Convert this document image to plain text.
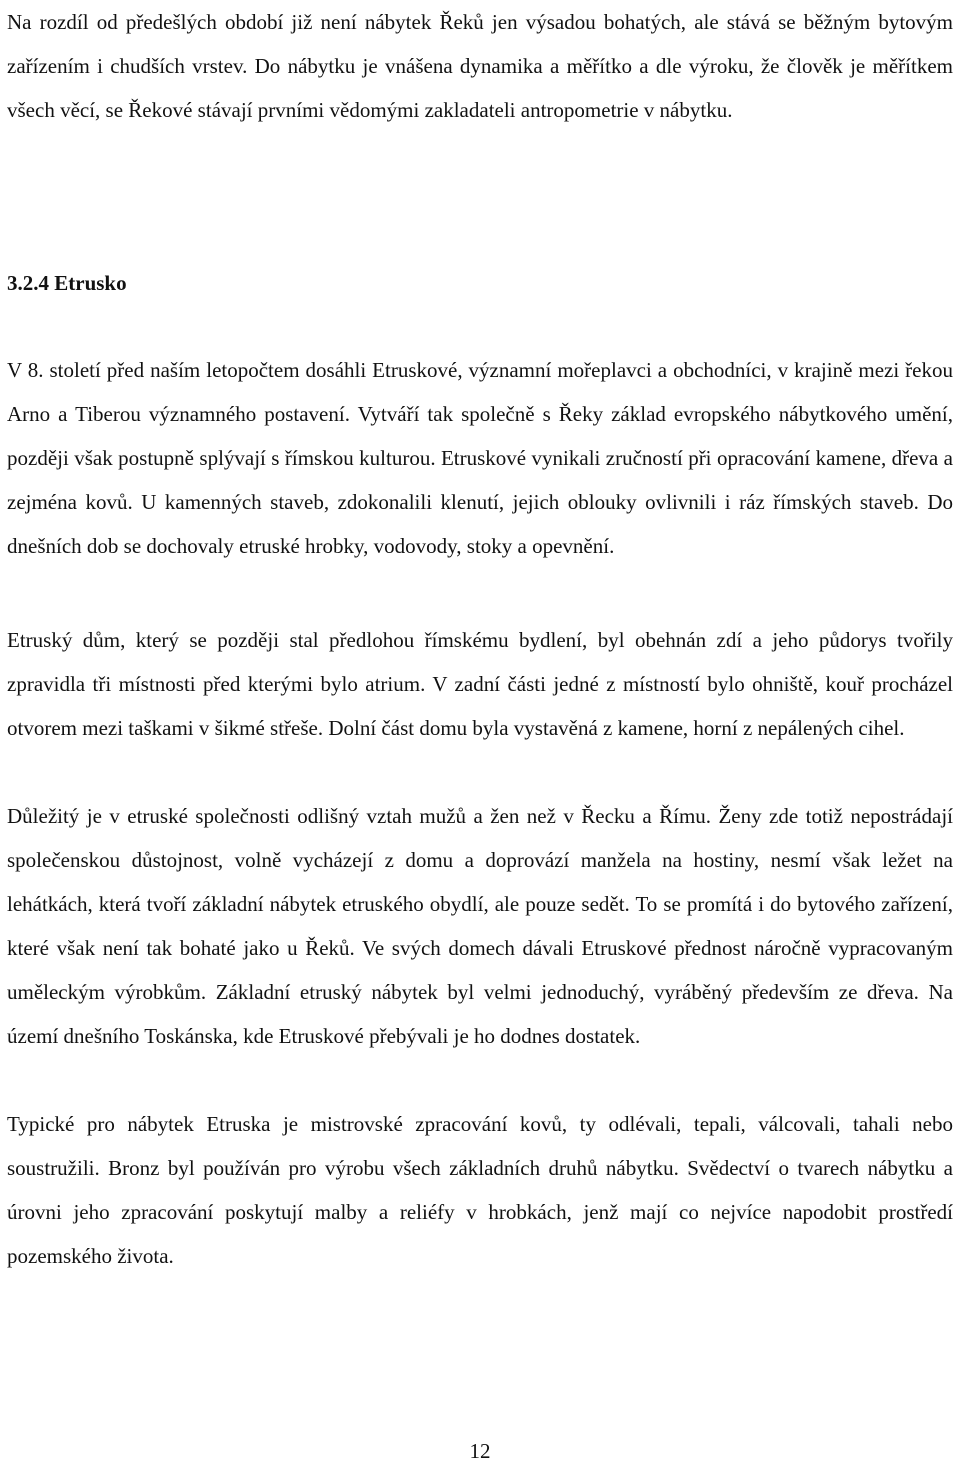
Na rozdíl od předešlých období již není nábytek Řeků jen výsadou bohatých, ale stává se běžným bytovým zařízením i chudších vrstev. Do nábytku je vnášena dynamika a měřítko a dle výroku, že člověk je měřítkem všech věcí, se Řekové stávají prvními vědomými zakladateli antropometrie v nábytku.

3.2.4 Etrusko

V 8. století před naším letopočtem dosáhli Etruskové, významní mořeplavci a obchodníci, v krajině mezi řekou Arno a Tiberou významného postavení. Vytváří tak společně s Řeky základ evropského nábytkového umění, později však postupně splývají s římskou kulturou. Etruskové vynikali zručností při opracování kamene, dřeva a zejména kovů. U kamenných staveb, zdokonalili klenutí, jejich oblouky ovlivnili i ráz římských staveb. Do dnešních dob se dochovaly etruské hrobky, vodovody, stoky a opevnění.

Etruský dům, který se později stal předlohou římskému bydlení, byl obehnán zdí a jeho půdorys tvořily zpravidla tři místnosti před kterými bylo atrium. V zadní části jedné z místností bylo ohniště, kouř procházel otvorem mezi taškami v šikmé střeše. Dolní část domu byla vystavěná z kamene, horní z nepálených cihel.

Důležitý je v etruské společnosti odlišný vztah mužů a žen než v Řecku a Římu. Ženy zde totiž nepostrádají společenskou důstojnost, volně vycházejí z domu a doprovází manžela na hostiny, nesmí však ležet na lehátkách, která tvoří základní nábytek etruského obydlí, ale pouze sedět. To se promítá i do bytového zařízení, které však není tak bohaté jako u Řeků. Ve svých domech dávali Etruskové přednost náročně vypracovaným uměleckým výrobkům. Základní etruský nábytek byl velmi jednoduchý, vyráběný především ze dřeva. Na území dnešního Toskánska, kde Etruskové přebývali je ho dodnes dostatek.

Typické pro nábytek Etruska je mistrovské zpracování kovů, ty odlévali, tepali, válcovali, tahali nebo soustružili. Bronz byl používán pro výrobu všech základních druhů nábytku. Svědectví o tvarech nábytku a úrovni jeho zpracování poskytují malby a reliéfy v hrobkách, jenž mají co nejvíce napodobit prostředí pozemského života.

12
